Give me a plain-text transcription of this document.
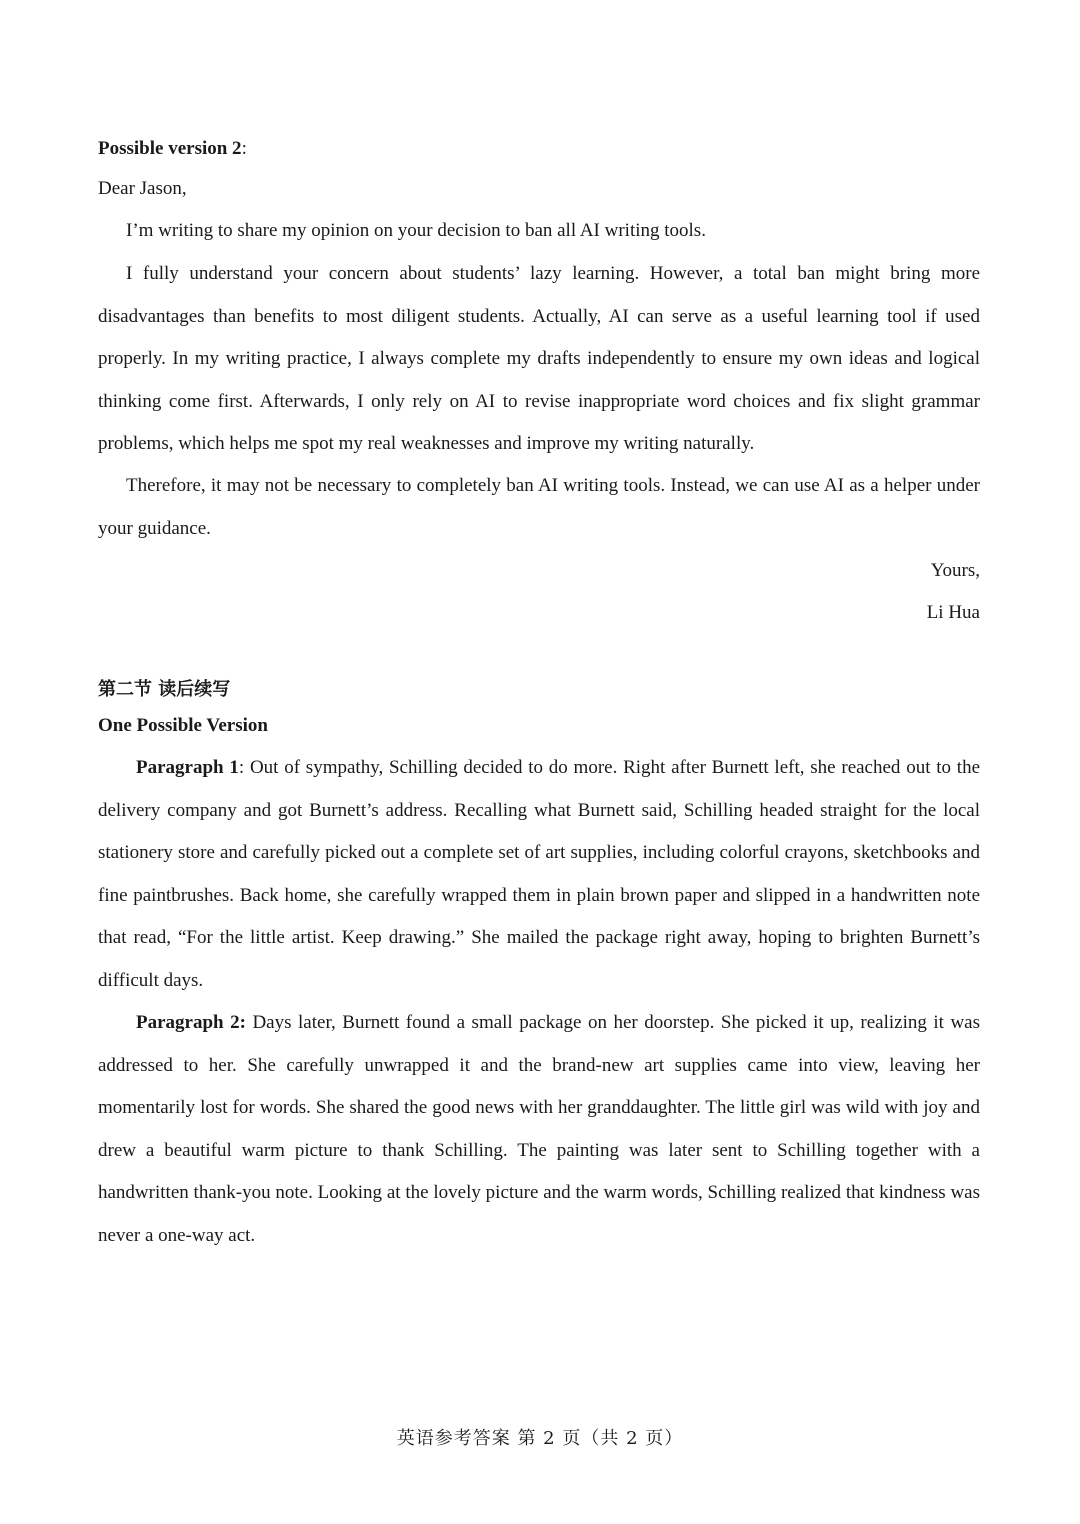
Possible version 2:
Dear Jason,
I’m writing to share my opinion on your decision to ban all AI writing tools.
I fully understand your concern about students’ lazy learning. However, a total ban might bring more disadvantages than benefits to most diligent students. Actually, AI can serve as a useful learning tool if used properly. In my writing practice, I always complete my drafts independently to ensure my own ideas and logical thinking come first. Afterwards, I only rely on AI to revise inappropriate word choices and fix slight grammar problems, which helps me spot my real weaknesses and improve my writing naturally.
Therefore, it may not be necessary to completely ban AI writing tools. Instead, we can use AI as a helper under your guidance.
Yours,
Li Hua
第二节 读后续写
One Possible Version
Paragraph 1: Out of sympathy, Schilling decided to do more. Right after Burnett left, she reached out to the delivery company and got Burnett’s address. Recalling what Burnett said, Schilling headed straight for the local stationery store and carefully picked out a complete set of art supplies, including colorful crayons, sketchbooks and fine paintbrushes. Back home, she carefully wrapped them in plain brown paper and slipped in a handwritten note that read, “For the little artist. Keep drawing.” She mailed the package right away, hoping to brighten Burnett’s difficult days.
Paragraph 2: Days later, Burnett found a small package on her doorstep. She picked it up, realizing it was addressed to her. She carefully unwrapped it and the brand-new art supplies came into view, leaving her momentarily lost for words. She shared the good news with her granddaughter. The little girl was wild with joy and drew a beautiful warm picture to thank Schilling. The painting was later sent to Schilling together with a handwritten thank-you note. Looking at the lovely picture and the warm words, Schilling realized that kindness was never a one-way act.
英语参考答案 第 2 页（共 2 页）
